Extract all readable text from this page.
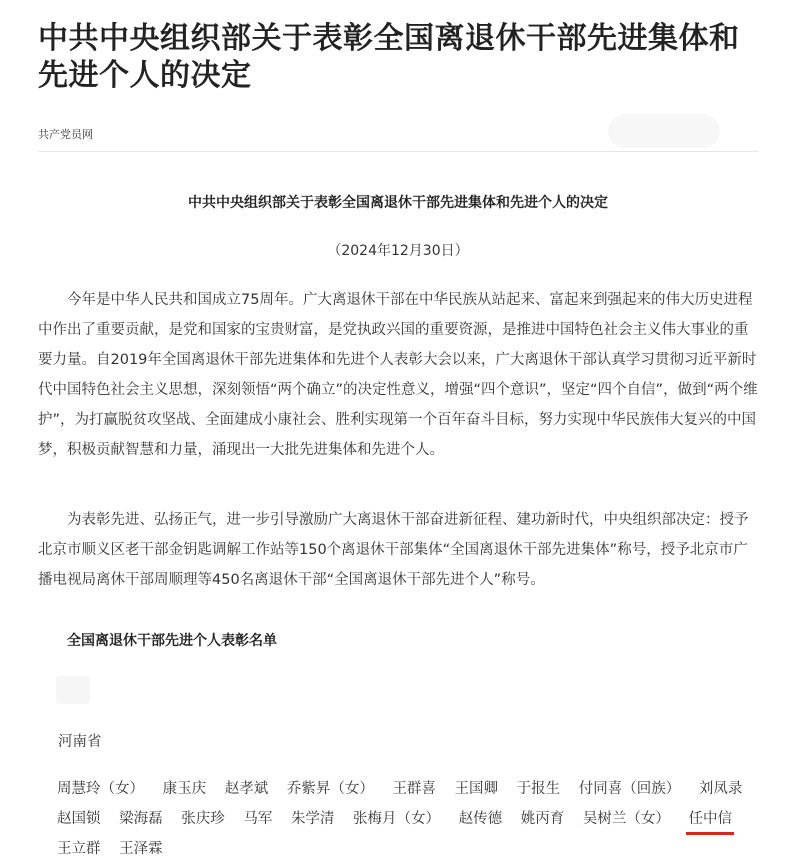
中共中央组织部关于表彰全国离退休干部先进集体和先进个人的决定
共产党员网
中共中央组织部关于表彰全国离退休干部先进集体和先进个人的决定
（2024年12月30日）

今年是中华人民共和国成立75周年。广大离退休干部在中华民族从站起来、富起来到强起来的伟大历史进程中作出了重要贡献，是党和国家的宝贵财富，是党执政兴国的重要资源，是推进中国特色社会主义伟大事业的重要力量。自2019年全国离退休干部先进集体和先进个人表彰大会以来，广大离退休干部认真学习贯彻习近平新时代中国特色社会主义思想，深刻领悟“两个确立”的决定性意义，增强“四个意识”，坚定“四个自信”，做到“两个维护”，为打赢脱贫攻坚战、全面建成小康社会、胜利实现第一个百年奋斗目标，努力实现中华民族伟大复兴的中国梦，积极贡献智慧和力量，涌现出一大批先进集体和先进个人。

为表彰先进、弘扬正气，进一步引导激励广大离退休干部奋进新征程、建功新时代，中央组织部决定：授予北京市顺义区老干部金钥匙调解工作站等150个离退休干部集体“全国离退休干部先进集体”称号，授予北京市广播电视局离休干部周顺理等450名离退休干部“全国离退休干部先进个人”称号。

全国离退休干部先进个人表彰名单
河南省
周慧玲（女） 康玉庆 赵孝斌 乔紫昇（女） 王群喜 王国卿 于报生 付同喜（回族） 刘凤录 赵国锁 梁海磊 张庆珍 马军 朱学清 张梅月（女） 赵传德 姚丙育 吴树兰（女） 任中信 王立群 王泽霖
